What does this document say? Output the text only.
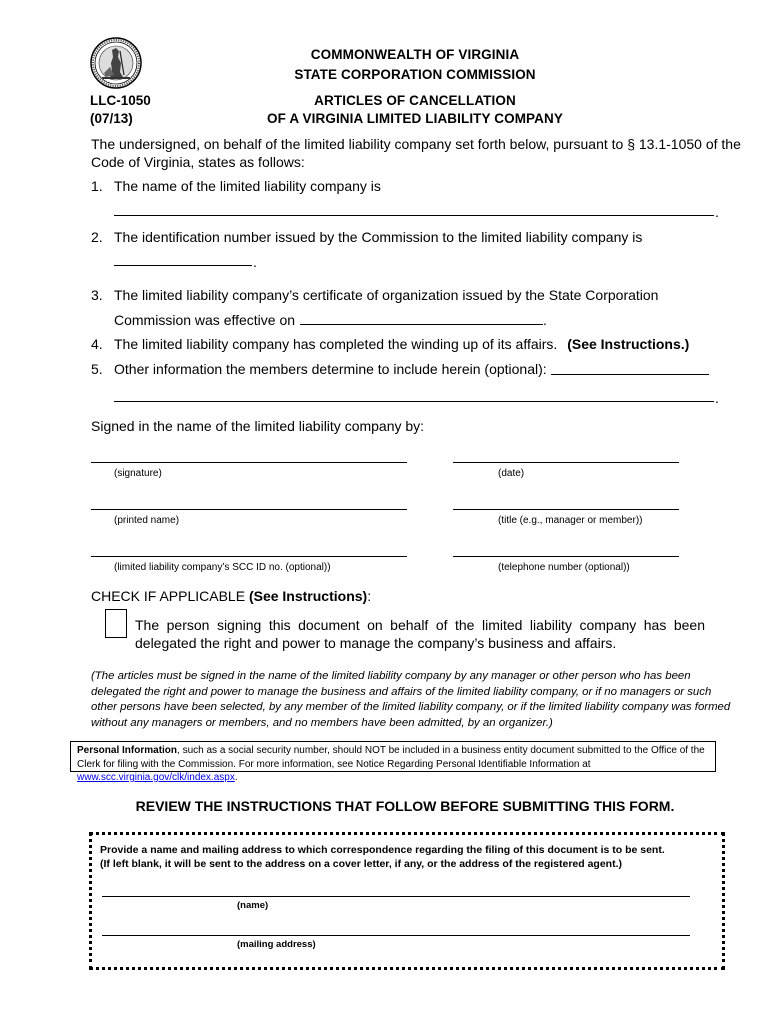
COMMONWEALTH OF VIRGINIA
STATE CORPORATION COMMISSION
LLC-1050
(07/13)
ARTICLES OF CANCELLATION
OF A VIRGINIA LIMITED LIABILITY COMPANY
The undersigned, on behalf of the limited liability company set forth below, pursuant to § 13.1-1050 of the
Code of Virginia, states as follows:
1. The name of the limited liability company is
.
2. The identification number issued by the Commission to the limited liability company is
.
3. The limited liability company’s certificate of organization issued by the State Corporation
Commission was effective on	.
4. The limited liability company has completed the winding up of its affairs. (See Instructions.)
5. Other information the members determine to include herein (optional):
.
Signed in the name of the limited liability company by:
(signature)	(date)
(printed name)	(title (e.g., manager or member))
(limited liability company’s SCC ID no. (optional))	(telephone number (optional))
CHECK IF APPLICABLE (See Instructions):
The person signing this document on behalf of the limited liability company has been
delegated the right and power to manage the company’s business and affairs.
(The articles must be signed in the name of the limited liability company by any manager or other person who has been delegated the right and power to manage the business and affairs of the limited liability company, or if no managers or such other persons have been selected, by any member of the limited liability company, or if the limited liability company was formed without any managers or members, and no members have been admitted, by an organizer.)
Personal Information, such as a social security number, should NOT be included in a business entity document submitted to the Office of the Clerk for filing with the Commission. For more information, see Notice Regarding Personal Identifiable Information at www.scc.virginia.gov/clk/index.aspx.
REVIEW THE INSTRUCTIONS THAT FOLLOW BEFORE SUBMITTING THIS FORM.
Provide a name and mailing address to which correspondence regarding the filing of this document is to be sent.
(If left blank, it will be sent to the address on a cover letter, if any, or the address of the registered agent.)
(name)
(mailing address)
